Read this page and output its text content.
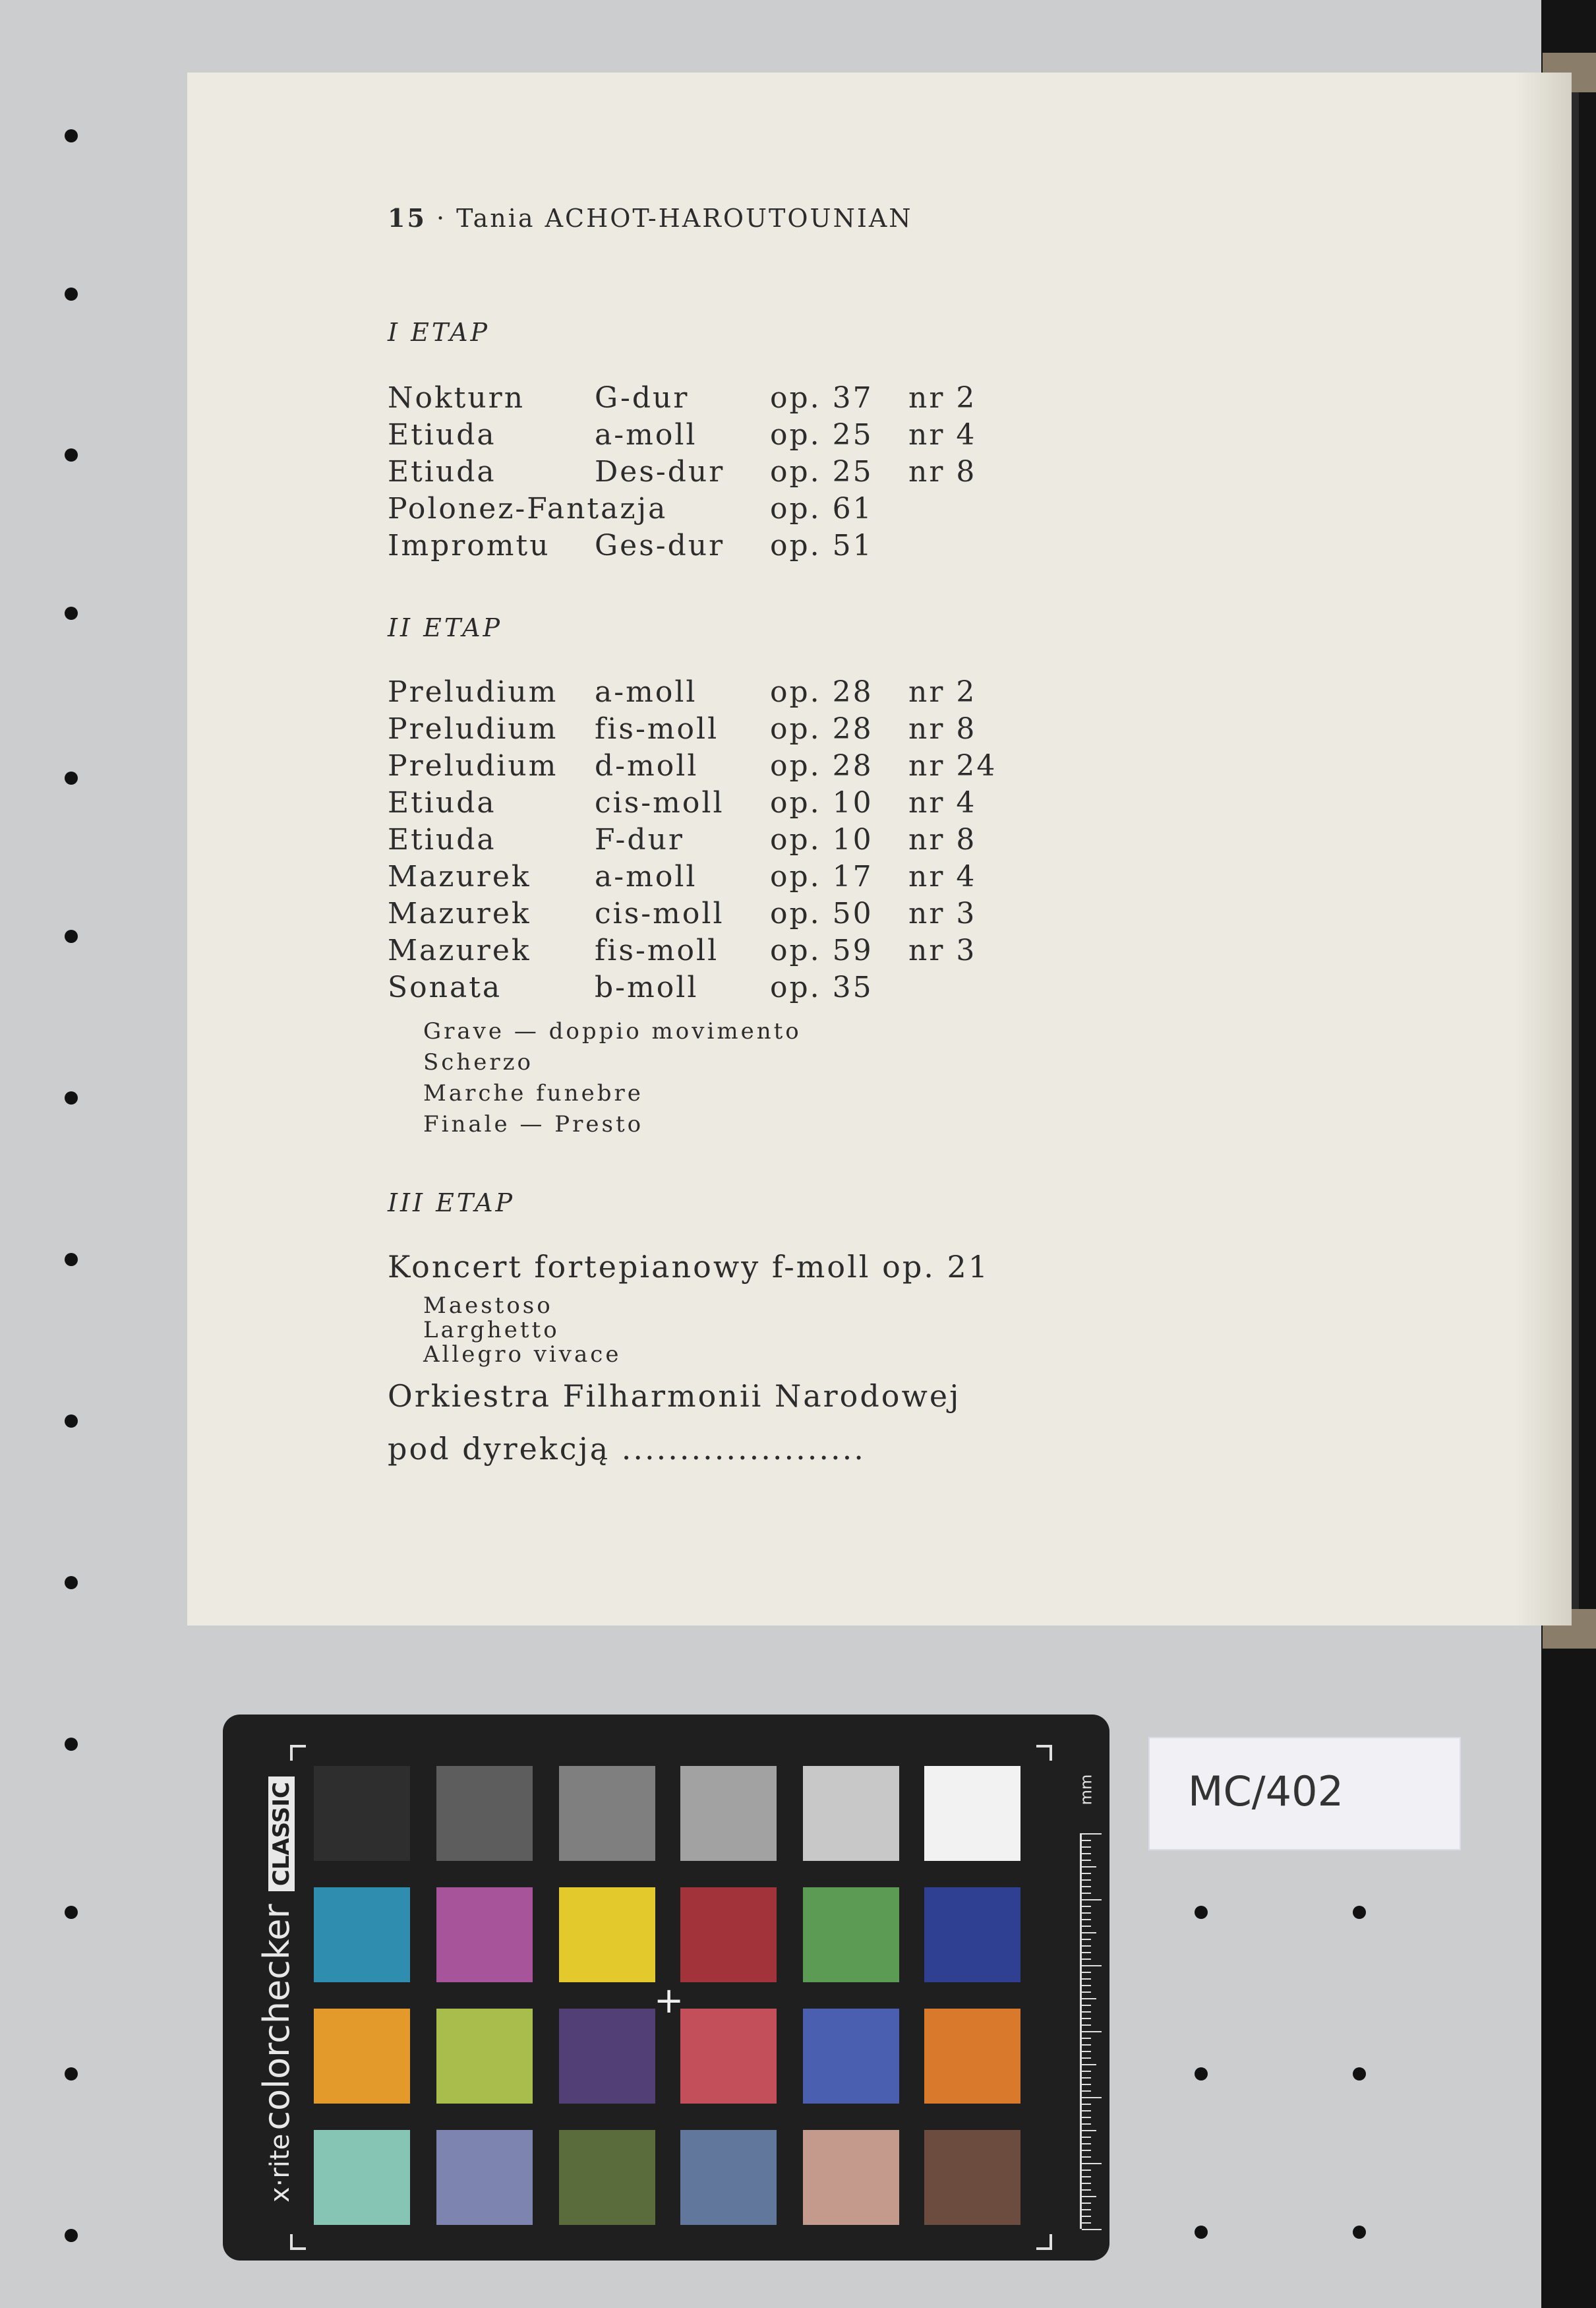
15 · Tania ACHOT-HAROUTOUNIAN
I ETAP
Nokturn G-dur	op. 37 nr 2
Etiuda	a-moll	op. 25 nr 4
Etiuda	Des-dur op. 25 nr 8
Polonez-Fantazja	op. 61
Impromtu Ges-dur op. 51
II ETAP
Preludium a-moll	op. 28 nr 2
Preludium fis-moll op. 28 nr 8
Preludium d-moll op. 28 nr 24
Etiuda	cis-moll op. 10 nr 4
Etiuda	F-dur	op. 10 nr 8
Mazurek a-moll	op. 17 nr 4
Mazurek cis-moll op. 50 nr 3
Mazurek fis-moll op. 59 nr 3
Sonata	b-moll op. 35
Grave — doppio movimento
Scherzo
Marche funebre
Finale — Presto
III ETAP
Koncert fortepianowy f-moll op. 21
Maestoso
Larghetto
Allegro vivace
Orkiestra Filharmonii Narodowej
pod dyrekcją .....................
x·rite colorchecker CLASSIC
+
mm MC/402
